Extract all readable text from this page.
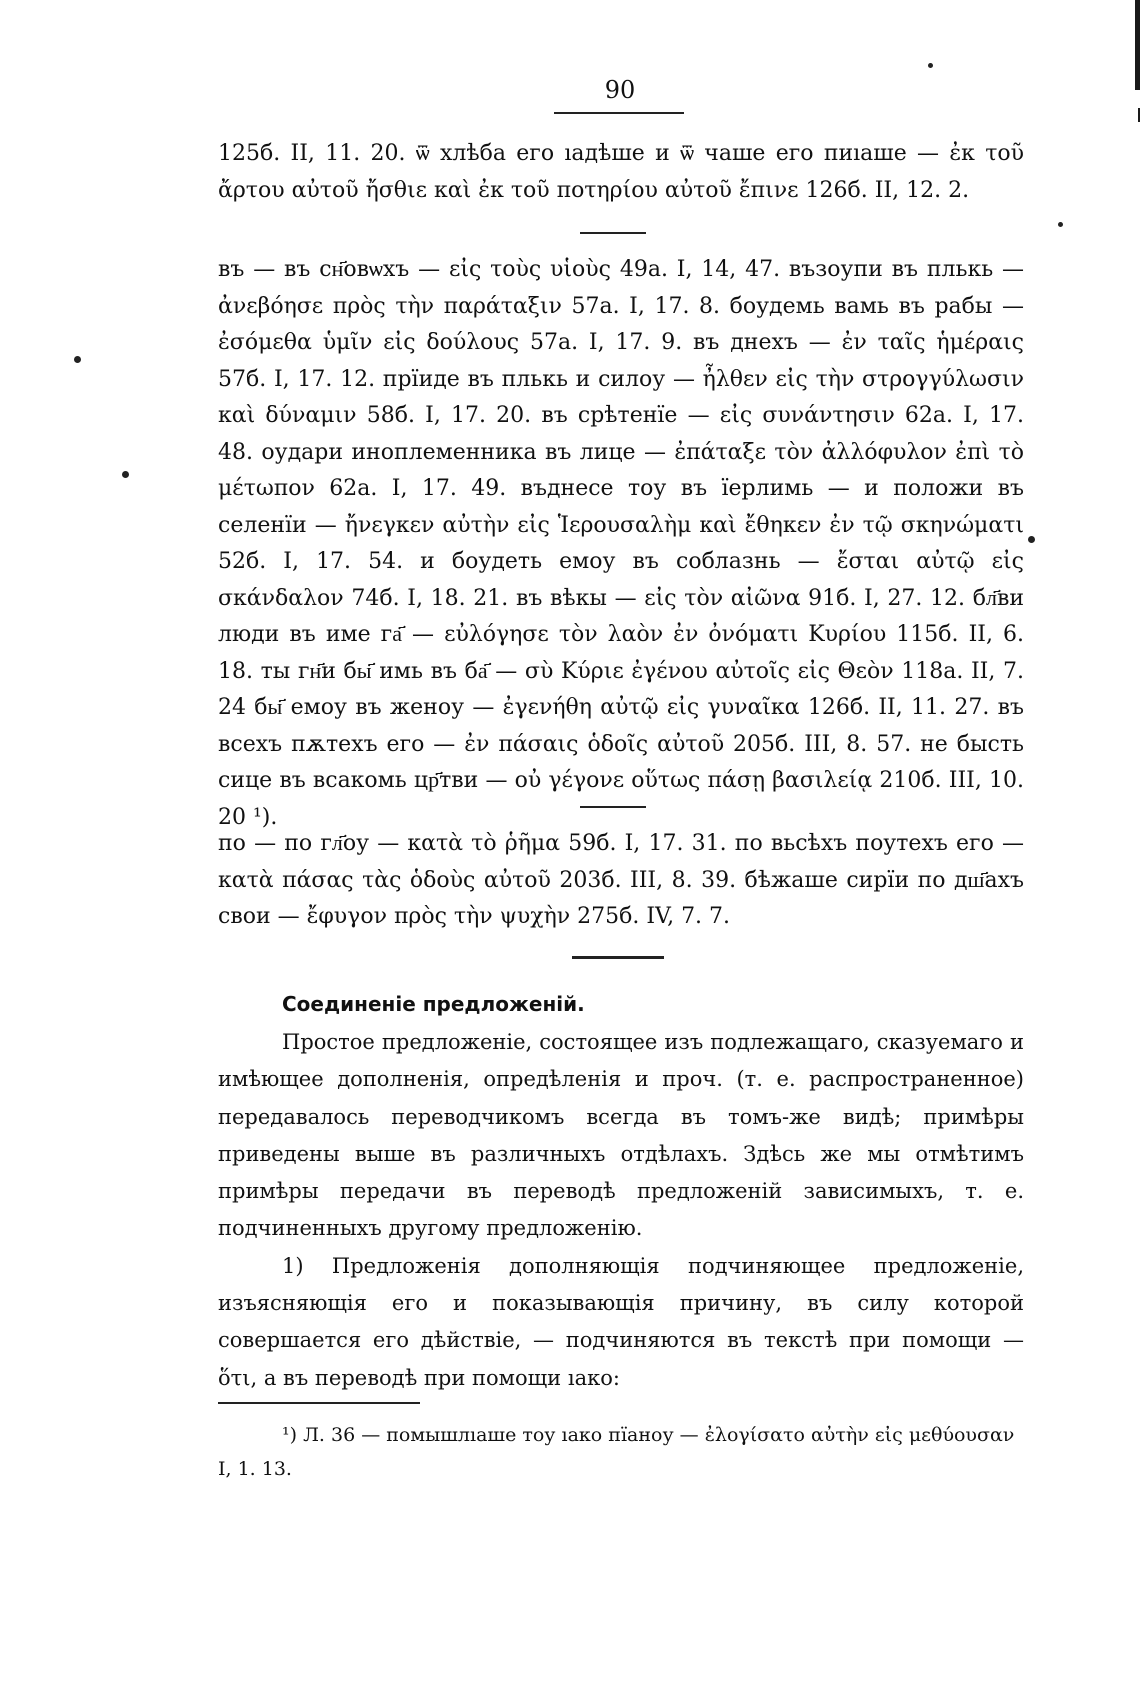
90

125б. II, 11. 20. ѿ хлѣба его ıадѣше и ѿ чаше его пиıаше — ἐκ τοῦ ἄρτου αὐτοῦ ἤσθιε καὶ ἐκ τοῦ ποτηρίου αὐτοῦ ἔπινε 126б. II, 12. 2.

въ — въ сн҃овѡхъ — εἰς τοὺς υἱοὺς 49а. I, 14, 47. възоупи въ плькь — ἀνεβόησε πρὸς τὴν παράταξιν 57а. I, 17. 8. боудемь вамь въ рабы — ἐσόμεθα ὑμῖν εἰς δούλους 57а. I, 17. 9. въ днехъ — ἐν ταῖς ἡμέραις 57б. I, 17. 12. прїиде въ плькь и силоу — ἦλθεν εἰς τὴν στρογγύλωσιν καὶ δύναμιν 58б. I, 17. 20. въ срѣтенїе — εἰς συνάντησιν 62а. I, 17. 48. оудари иноплеменника въ лице — ἐπάταξε τὸν ἀλλόφυλον ἐπὶ τὸ μέτωπον 62а. I, 17. 49. въднесе тоу въ їерлимь — и положи въ селенїи — ἤνεγκεν αὐτὴν εἰς Ἱερουσαλὴμ καὶ ἔθηκεν ἐν τῷ σκηνώματι 52б. I, 17. 54. и боудеть емоу въ соблазнь — ἔσται αὐτῷ εἰς σκάνδαλον 74б. I, 18. 21. въ вѣкы — εἰς τὸν αἰῶνα 91б. I, 27. 12. бл҃ви люди въ име га҃ — εὐλόγησε τὸν λαὸν ἐν ὀνόματι Κυρίου 115б. II, 6. 18. ты гн҃и бы҃ имь въ ба҃ — σὺ Κύριε ἐγένου αὐτοῖς εἰς Θεὸν 118а. II, 7. 24 бы҃ емоу въ женоу — ἐγενήθη αὐτῷ εἰς γυναῖκα 126б. II, 11. 27. въ всехъ пѫтехъ его — ἐν πάσαις ὁδοῖς αὐτοῦ 205б. III, 8. 57. не бысть сице въ всакомь цр҃тви — οὐ γέγονε οὕτως πάσῃ βασιλείᾳ 210б. III, 10. 20 ¹).

по — по гл҃оу — κατὰ τὸ ῥῆμα 59б. I, 17. 31. по вьсѣхъ поутехъ его — κατὰ πάσας τὰς ὁδοὺς αὐτοῦ 203б. III, 8. 39. бѣжаше сирїи по дш҃ахъ свои — ἔφυγον πρὸς τὴν ψυχὴν 275б. IV, 7. 7.

Соединеніе предложеній.

Простое предложеніе, состоящее изъ подлежащаго, сказуемаго и имѣющее дополненія, опредѣленія и проч. (т. е. распространенное) передавалось переводчикомъ всегда въ томъ-же видѣ; примѣры приведены выше въ различныхъ отдѣлахъ. Здѣсь же мы отмѣтимъ примѣры передачи въ переводѣ предложеній зависимыхъ, т. е. подчиненныхъ другому предложенію.

1) Предложенія дополняющія подчиняющее предложеніе, изъясняющія его и показывающія причину, въ силу которой совершается его дѣйствіе, — подчиняются въ текстѣ при помощи — ὅτι, а въ переводѣ при помощи ıако:

¹) Л. 36 — помышлıаше тоу ıако пїаноу — ἐλογίσατο αὐτὴν εἰς μεθύουσαν I, 1. 13.
